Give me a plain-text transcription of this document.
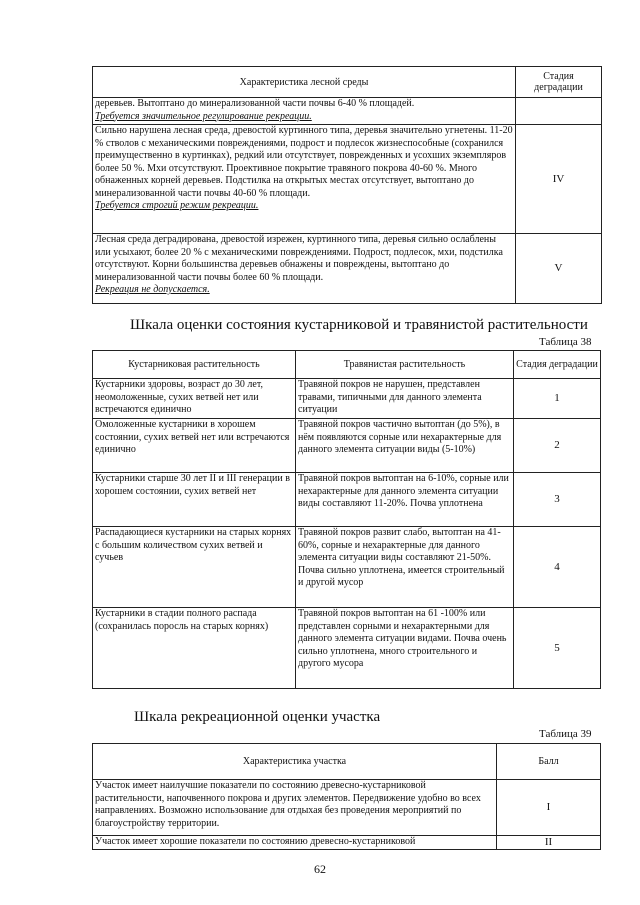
Характеристика лесной среды	Стадия деградации

деревьев. Вытоптано до минерализованной части почвы 6-40 % площадей.
Требуется значительное регулирование рекреации.	

Сильно нарушена лесная среда, древостой куртинного типа, деревья значительно угнетены. 11-20 % стволов с механическими повреждениями, подрост и подлесок жизнеспособные (сохранился преимущественно в куртинках), редкий или отсутствует, поврежденных и усохших экземпляров более 50 %. Мхи отсутствуют. Проективное покрытие травяного покрова 40-60 %. Много обнаженных корней деревьев. Подстилка на открытых местах отсутствует, вытоптано до минерализованной части почвы 40-60 % площади.
Требуется строгий режим рекреации.	IV

Лесная среда деградирована, древостой изрежен, куртинного типа, деревья сильно ослаблены или усыхают, более 20 % с механическими повреждениями. Подрост, подлесок, мхи, подстилка отсутствуют. Корни большинства деревьев обнажены и повреждены, вытоптано до минерализованной части почвы более 60 % площади.
Рекреация не допускается.	V
Шкала оценки состояния кустарниковой и травянистой растительности
Таблица 38
Кустарниковая растительность	Травянистая растительность	Стадия деградации
Кустарники здоровы, возраст до 30 лет, неомоложенные, сухих ветвей нет или встречаются единично	Травяной покров не нарушен, представлен травами, типичными для данного элемента ситуации	1
Омоложенные кустарники в хорошем состоянии, сухих ветвей нет или встречаются единично	Травяной покров частично вытоптан (до 5%), в нём появляются сорные или нехарактерные для данного элемента ситуации виды (5-10%)	2
Кустарники старше 30 лет II и III генерации в хорошем состоянии, сухих ветвей нет	Травяной покров вытоптан на 6-10%, сорные или нехарактерные для данного элемента ситуации виды составляют 11-20%. Почва уплотнена	3
Распадающиеся кустарники на старых корнях с большим количеством сухих ветвей и сучьев	Травяной покров развит слабо, вытоптан на 41-60%, сорные и нехарактерные для данного элемента ситуации виды составляют 21-50%.
Почва сильно уплотнена, имеется строительный и другой мусор	4
Кустарники в стадии полного распада (сохранилась поросль на старых корнях)	Травяной покров вытоптан на 61 -100% или представлен сорными и нехарактерными для данного элемента ситуации видами. Почва очень сильно уплотнена, много строительного и другого мусора	5
Шкала рекреационной оценки участка
Таблица 39
Характеристика участка	Балл
Участок имеет наилучшие показатели по состоянию древесно-кустарниковой растительности, напочвенного покрова и других элементов. Передвижение удобно во всех направлениях. Возможно использование для отдыхая без проведения мероприятий по благоустройству территории.	I
Участок имеет хорошие показатели по состоянию древесно-кустарниковой	II
62
